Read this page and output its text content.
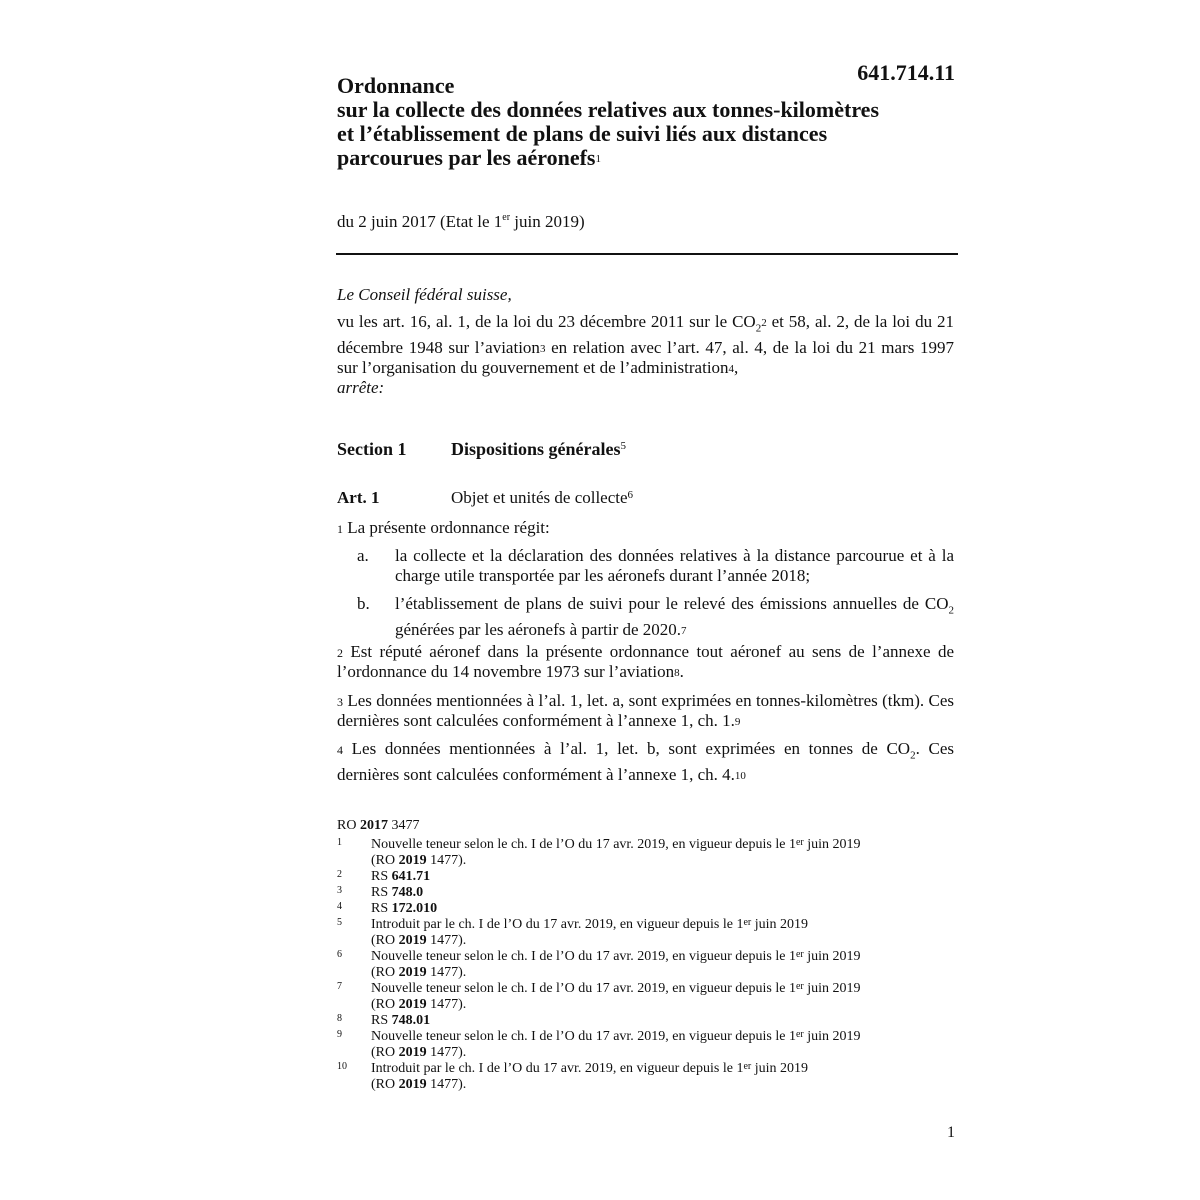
641.714.11
Ordonnance
sur la collecte des données relatives aux tonnes-kilomètres
et l’établissement de plans de suivi liés aux distances
parcourues par les aéronefs$^1$
du 2 juin 2017 (Etat le 1er juin 2019)
Le Conseil fédéral suisse,
vu les art. 16, al. 1, de la loi du 23 décembre 2011 sur le $CO_2^2$ et 58, al. 2, de la loi du 21 décembre 1948 sur l’aviation$^3$ en relation avec l’art. 47, al. 4, de la loi du 21 mars 1997 sur l’organisation du gouvernement et de l’administration$^4$,
arrête:
Section 1 Dispositions générales$^5$
Art. 1	Objet et unités de collecte$^6$
$^1$ La présente ordonnance régit:
a.	la collecte et la déclaration des données relatives à la distance parcourue et à la charge utile transportée par les aéronefs durant l’année 2018;
b.	l’établissement de plans de suivi pour le relevé des émissions annuelles de $CO_2$ générées par les aéronefs à partir de 2020.$^7$
$^2$ Est réputé aéronef dans la présente ordonnance tout aéronef au sens de l’annexe de l’ordonnance du 14 novembre 1973 sur l’aviation$^8$.
$^3$ Les données mentionnées à l’al. 1, let. a, sont exprimées en tonnes-kilomètres (tkm). Ces dernières sont calculées conformément à l’annexe 1, ch. 1.$^9$
$^4$ Les données mentionnées à l’al. 1, let. b, sont exprimées en tonnes de $CO_2$. Ces dernières sont calculées conformément à l’annexe 1, ch. 4.10
RO 2017 3477
1	Nouvelle teneur selon le ch. I de l’O du 17 avr. 2019, en vigueur depuis le 1er juin 2019
(RO 2019 1477).
2	RS 641.71
3	RS 748.0
4	RS 172.010
5	Introduit par le ch. I de l’O du 17 avr. 2019, en vigueur depuis le 1er juin 2019
(RO 2019 1477).
6	Nouvelle teneur selon le ch. I de l’O du 17 avr. 2019, en vigueur depuis le 1er juin 2019
(RO 2019 1477).
7	Nouvelle teneur selon le ch. I de l’O du 17 avr. 2019, en vigueur depuis le 1er juin 2019
(RO 2019 1477).
8	RS 748.01
9	Nouvelle teneur selon le ch. I de l’O du 17 avr. 2019, en vigueur depuis le 1er juin 2019
(RO 2019 1477).
10	Introduit par le ch. I de l’O du 17 avr. 2019, en vigueur depuis le 1er juin 2019
(RO 2019 1477).
1
